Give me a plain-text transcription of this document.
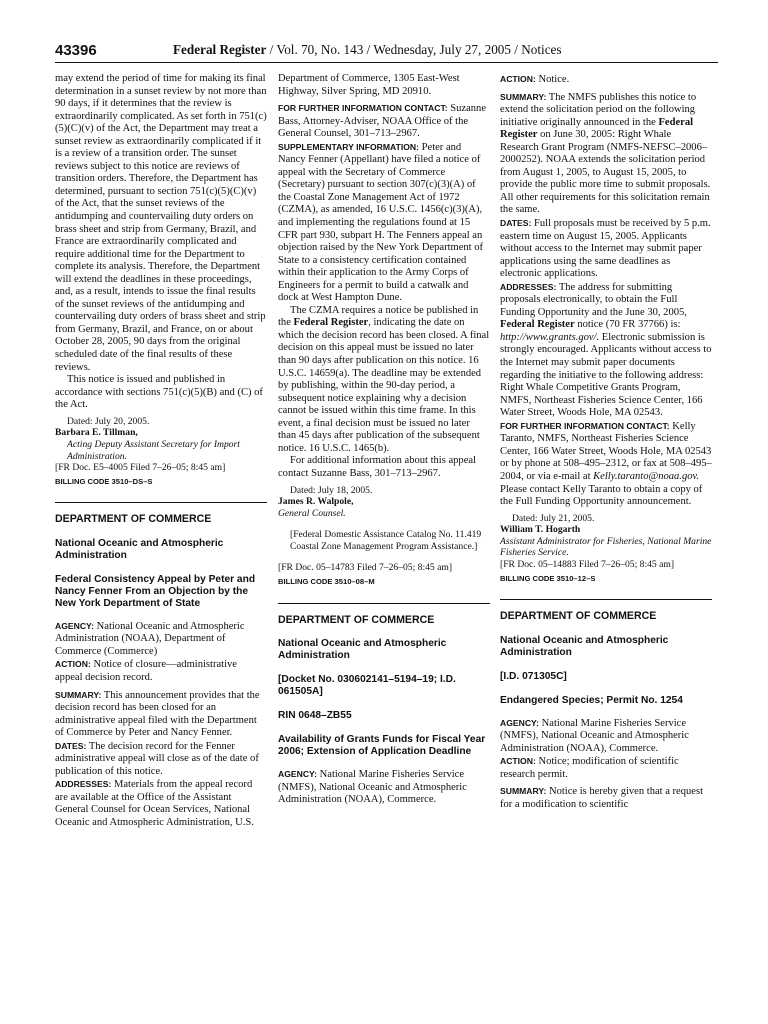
43396	Federal Register / Vol. 70, No. 143 / Wednesday, July 27, 2005 / Notices

may extend the period of time for making its final determination in a sunset review by not more than 90 days, if it determines that the review is extraordinarily complicated. As set forth in 751(c)(5)(C)(v) of the Act, the Department may treat a sunset review as extraordinarily complicated if it is a review of a transition order. The sunset reviews subject to this notice are reviews of transition orders. Therefore, the Department has determined, pursuant to section 751(c)(5)(C)(v) of the Act, that the sunset reviews of the antidumping and countervailing duty orders on brass sheet and strip from Germany, Brazil, and France are extraordinarily complicated and require additional time for the Department to complete its analysis. Therefore, the Department will extend the deadlines in these proceedings, and, as a result, intends to issue the final results of the sunset reviews of the antidumping and countervailing duty orders of brass sheet and strip from Germany, Brazil, and France, on or about October 28, 2005, 90 days from the original scheduled date of the final results of these reviews.

This notice is issued and published in accordance with sections 751(c)(5)(B) and (C) of the Act.

Dated: July 20, 2005.

Barbara E. Tillman,

Acting Deputy Assistant Secretary for Import Administration.

[FR Doc. E5–4005 Filed 7–26–05; 8:45 am]

BILLING CODE 3510–DS–S

DEPARTMENT OF COMMERCE

National Oceanic and Atmospheric Administration

Federal Consistency Appeal by Peter and Nancy Fenner From an Objection by the New York Department of State

AGENCY: National Oceanic and Atmospheric Administration (NOAA), Department of Commerce (Commerce)

ACTION: Notice of closure—administrative appeal decision record.

SUMMARY: This announcement provides that the decision record has been closed for an administrative appeal filed with the Department of Commerce by Peter and Nancy Fenner.

DATES: The decision record for the Fenner administrative appeal will close as of the date of publication of this notice.

ADDRESSES: Materials from the appeal record are available at the Office of the Assistant General Counsel for Ocean Services, National Oceanic and Atmospheric Administration, U.S.

Department of Commerce, 1305 East-West Highway, Silver Spring, MD 20910.

FOR FURTHER INFORMATION CONTACT: Suzanne Bass, Attorney-Adviser, NOAA Office of the General Counsel, 301–713–2967.

SUPPLEMENTARY INFORMATION: Peter and Nancy Fenner (Appellant) have filed a notice of appeal with the Secretary of Commerce (Secretary) pursuant to section 307(c)(3)(A) of the Coastal Zone Management Act of 1972 (CZMA), as amended, 16 U.S.C. 1456(c)(3)(A), and implementing the regulations found at 15 CFR part 930, subpart H. The Fenners appeal an objection raised by the New York Department of State to a consistency certification contained within their application to the Army Corps of Engineers for a permit to build a catwalk and dock at West Hampton Dune.

The CZMA requires a notice be published in the Federal Register, indicating the date on which the decision record has been closed. A final decision on this appeal must be issued no later than 90 days after publication on this notice. 16 U.S.C. 14659(a). The deadline may be extended by publishing, within the 90-day period, a subsequent notice explaining why a decision cannot be issued within this time frame. In this event, a final decision must be issued no later than 45 days after publication of the subsequent notice. 16 U.S.C. 1465(b).

For additional information about this appeal contact Suzanne Bass, 301–713–2967.

Dated: July 18, 2005.

James R. Walpole,

General Counsel.

[Federal Domestic Assistance Catalog No. 11.419 Coastal Zone Management Program Assistance.]

[FR Doc. 05–14783 Filed 7–26–05; 8:45 am]

BILLING CODE 3510–08–M

DEPARTMENT OF COMMERCE

National Oceanic and Atmospheric Administration

[Docket No. 030602141–5194–19; I.D. 061505A]

RIN 0648–ZB55

Availability of Grants Funds for Fiscal Year 2006; Extension of Application Deadline

AGENCY: National Marine Fisheries Service (NMFS), National Oceanic and Atmospheric Administration (NOAA), Commerce.

ACTION: Notice.

SUMMARY: The NMFS publishes this notice to extend the solicitation period on the following initiative originally announced in the Federal Register on June 30, 2005: Right Whale Research Grant Program (NMFS-NEFSC–2006–2000252). NOAA extends the solicitation period from August 1, 2005, to August 15, 2005, to provide the public more time to submit proposals. All other requirements for this solicitation remain the same.

DATES: Full proposals must be received by 5 p.m. eastern time on August 15, 2005. Applicants without access to the Internet may submit paper applications using the same deadlines as electronic applications.

ADDRESSES: The address for submitting proposals electronically, to obtain the Full Funding Opportunity and the June 30, 2005, Federal Register notice (70 FR 37766) is: http://www.grants.gov/. Electronic submission is strongly encouraged. Applicants without access to the Internet may submit paper documents regarding the initiative to the following address: Right Whale Competitive Grants Program, NMFS, Northeast Fisheries Science Center, 166 Water Street, Woods Hole, MA 02543.

FOR FURTHER INFORMATION CONTACT: Kelly Taranto, NMFS, Northeast Fisheries Science Center, 166 Water Street, Woods Hole, MA 02543 or by phone at 508–495–2312, or fax at 508–495–2004, or via e-mail at Kelly.taranto@noaa.gov. Please contact Kelly Taranto to obtain a copy of the Full Funding Opportunity announcement.

Dated: July 21, 2005.

William T. Hogarth

Assistant Administrator for Fisheries, National Marine Fisheries Service.

[FR Doc. 05–14883 Filed 7–26–05; 8:45 am]

BILLING CODE 3510–12–S

DEPARTMENT OF COMMERCE

National Oceanic and Atmospheric Administration

[I.D. 071305C]

Endangered Species; Permit No. 1254

AGENCY: National Marine Fisheries Service (NMFS), National Oceanic and Atmospheric Administration (NOAA), Commerce.

ACTION: Notice; modification of scientific research permit.

SUMMARY: Notice is hereby given that a request for a modification to scientific
